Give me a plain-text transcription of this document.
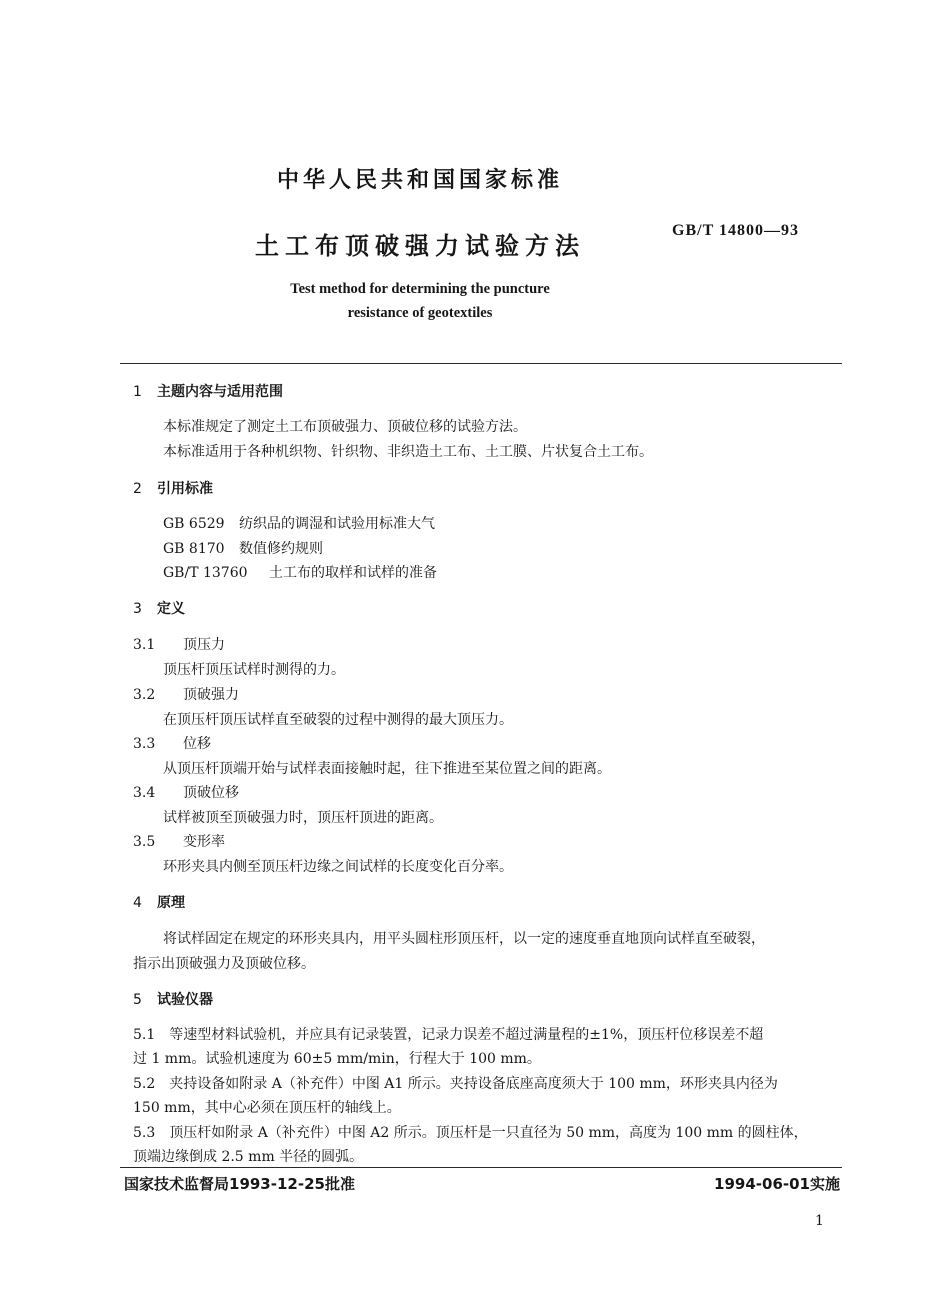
中华人民共和国国家标准
土工布顶破强力试验方法
GB/T 14800—93
Test method for determining the puncture
resistance of geotextiles
1 主题内容与适用范围
本标准规定了测定土工布顶破强力、顶破位移的试验方法。
本标准适用于各种机织物、针织物、非织造土工布、土工膜、片状复合土工布。
2 引用标准
GB 6529 纺织品的调湿和试验用标准大气
GB 8170 数值修约规则
GB/T 13760 土工布的取样和试样的准备
3 定义
3.1 顶压力
顶压杆顶压试样时测得的力。
3.2 顶破强力
在顶压杆顶压试样直至破裂的过程中测得的最大顶压力。
3.3 位移
从顶压杆顶端开始与试样表面接触时起，往下推进至某位置之间的距离。
3.4 顶破位移
试样被顶至顶破强力时，顶压杆顶进的距离。
3.5 变形率
环形夹具内侧至顶压杆边缘之间试样的长度变化百分率。
4 原理
将试样固定在规定的环形夹具内，用平头圆柱形顶压杆，以一定的速度垂直地顶向试样直至破裂，
指示出顶破强力及顶破位移。
5 试验仪器
5.1　等速型材料试验机，并应具有记录装置，记录力误差不超过满量程的±1%，顶压杆位移误差不超
过 1 mm。试验机速度为 60±5 mm/min，行程大于 100 mm。
5.2　夹持设备如附录 A（补充件）中图 A1 所示。夹持设备底座高度须大于 100 mm，环形夹具内径为
150 mm，其中心必须在顶压杆的轴线上。
5.3　顶压杆如附录 A（补充件）中图 A2 所示。顶压杆是一只直径为 50 mm，高度为 100 mm 的圆柱体，
顶端边缘倒成 2.5 mm 半径的圆弧。
国家技术监督局1993-12-25批准	1994-06-01实施
1
